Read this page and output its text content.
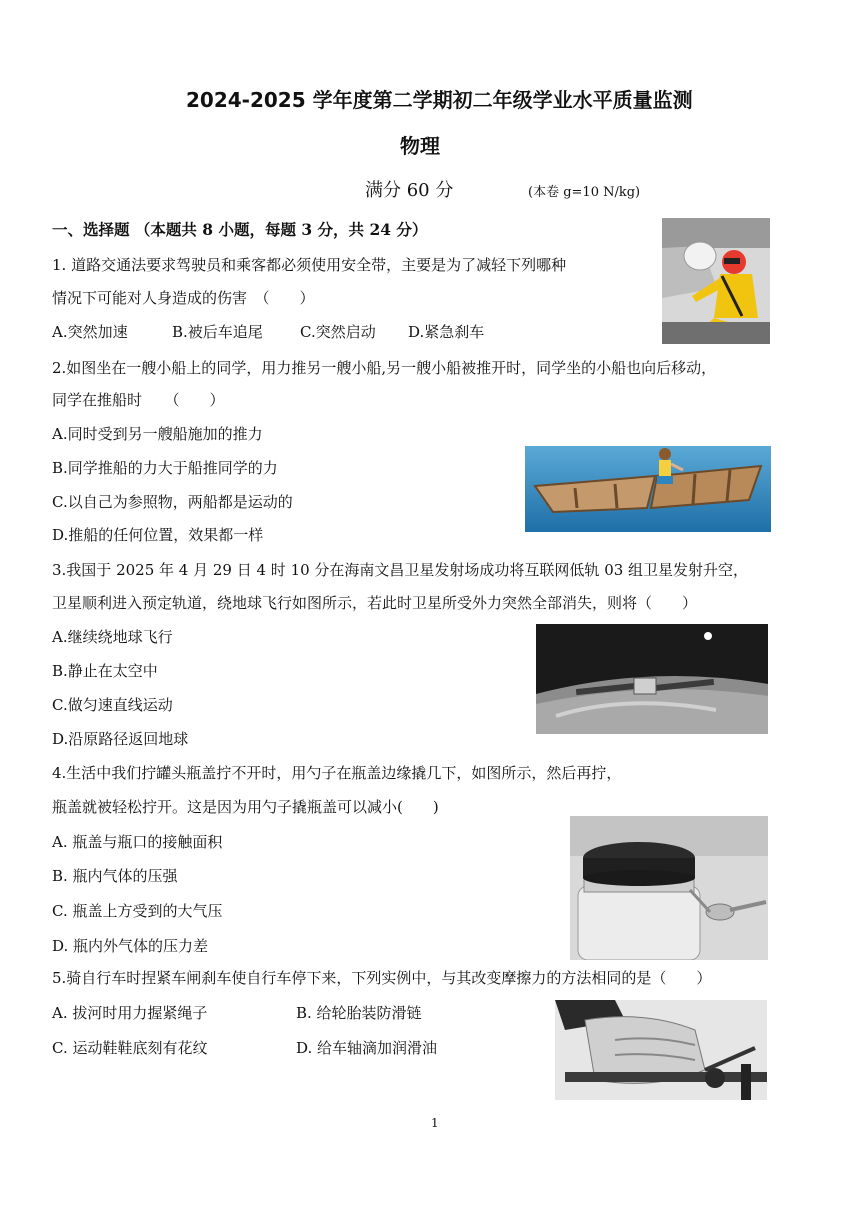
2024-2025 学年度第二学期初二年级学业水平质量监测
物理
满分 60 分	(本卷 g=10 N/kg)
一、选择题 （本题共 8 小题，每题 3 分，共 24 分）
1. 道路交通法要求驾驶员和乘客都必须使用安全带，主要是为了减轻下列哪种
情况下可能对人身造成的伤害　（　　）
A.突然加速	B.被后车追尾 C.突然启动 D.紧急刹车
2.如图坐在一艘小船上的同学，用力推另一艘小船,另一艘小船被推开时，同学坐的小船也向后移动，
同学在推船时　　（　　）
A.同时受到另一艘船施加的推力
B.同学推船的力大于船推同学的力
C.以自己为参照物，两船都是运动的
D.推船的任何位置，效果都一样
3.我国于 2025 年 4 月 29 日 4 时 10 分在海南文昌卫星发射场成功将互联网低轨 03 组卫星发射升空，
卫星顺利进入预定轨道，绕地球飞行如图所示，若此时卫星所受外力突然全部消失，则将（　　）
A.继续绕地球飞行
B.静止在太空中
C.做匀速直线运动
D.沿原路径返回地球
4.生活中我们拧罐头瓶盖拧不开时，用勺子在瓶盖边缘撬几下，如图所示，然后再拧，
瓶盖就被轻松拧开。这是因为用勺子撬瓶盖可以减小(　　)
A. 瓶盖与瓶口的接触面积
B. 瓶内气体的压强
C. 瓶盖上方受到的大气压
D. 瓶内外气体的压力差
5.骑自行车时捏紧车闸刹车使自行车停下来，下列实例中，与其改变摩擦力的方法相同的是（　　）
A. 拔河时用力握紧绳子	B. 给轮胎装防滑链
C. 运动鞋鞋底刻有花纹	D. 给车轴滴加润滑油
1
